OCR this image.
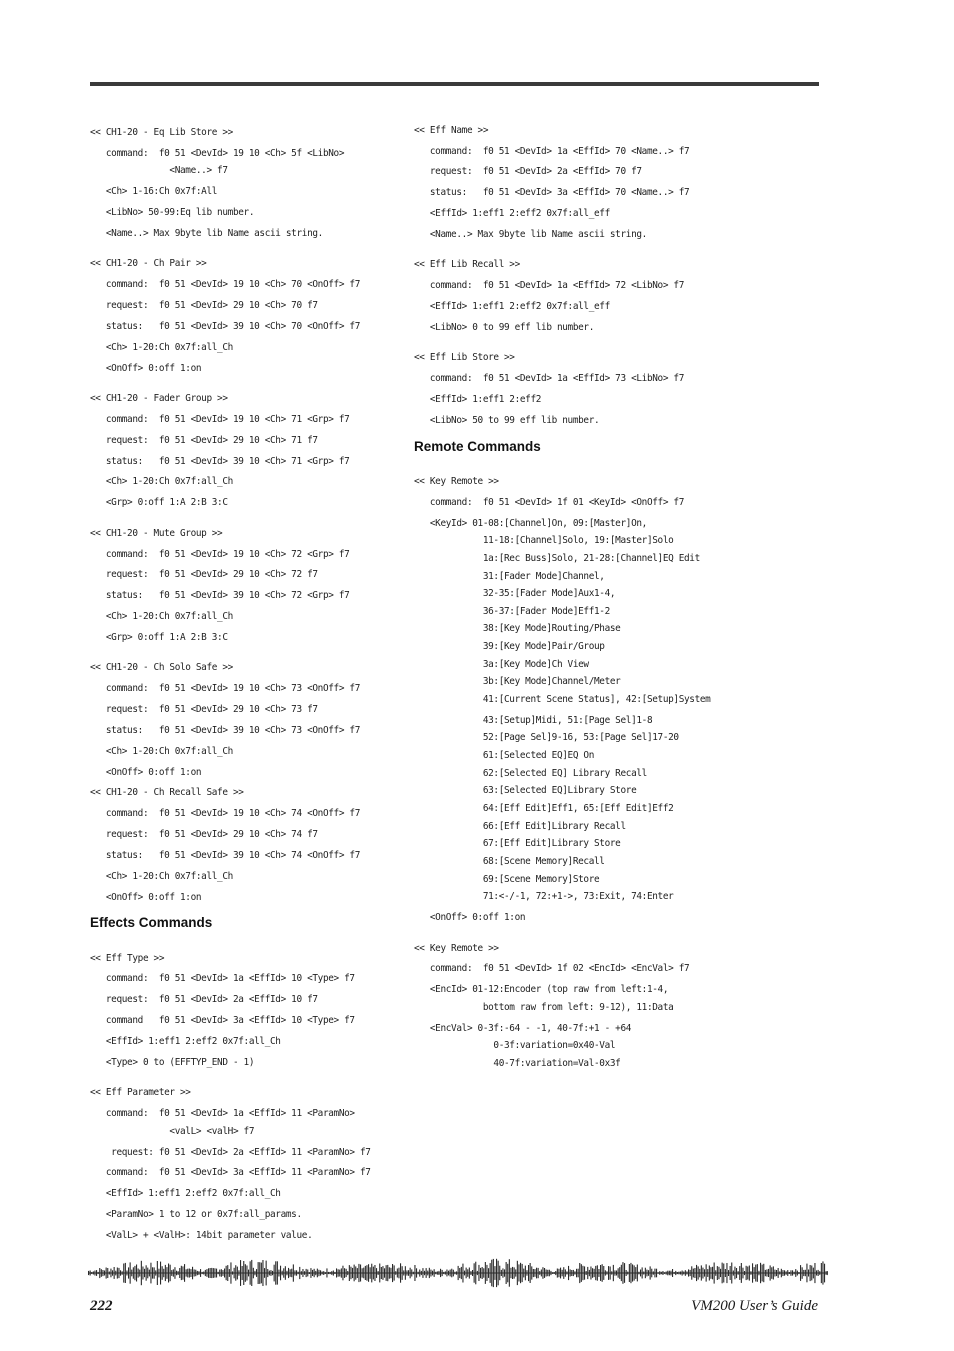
<< CH1-20 - Eq Lib Store >>
command:  f0 51 <DevId> 19 10 <Ch> 5f <LibNo>
<Name..> f7
<Ch> 1-16:Ch 0x7f:All
<LibNo> 50-99:Eq lib number.
<Name..> Max 9byte lib Name ascii string.
<< CH1-20 - Ch Pair >>
command:  f0 51 <DevId> 19 10 <Ch> 70 <OnOff> f7
request:  f0 51 <DevId> 29 10 <Ch> 70 f7
status:   f0 51 <DevId> 39 10 <Ch> 70 <OnOff> f7
<Ch> 1-20:Ch 0x7f:all_Ch
<OnOff> 0:off 1:on
<< CH1-20 - Fader Group >>
command:  f0 51 <DevId> 19 10 <Ch> 71 <Grp> f7
request:  f0 51 <DevId> 29 10 <Ch> 71 f7
status:   f0 51 <DevId> 39 10 <Ch> 71 <Grp> f7
<Ch> 1-20:Ch 0x7f:all_Ch
<Grp> 0:off 1:A 2:B 3:C
<< CH1-20 - Mute Group >>
command:  f0 51 <DevId> 19 10 <Ch> 72 <Grp> f7
request:  f0 51 <DevId> 29 10 <Ch> 72 f7
status:   f0 51 <DevId> 39 10 <Ch> 72 <Grp> f7
<Ch> 1-20:Ch 0x7f:all_Ch
<Grp> 0:off 1:A 2:B 3:C
<< CH1-20 - Ch Solo Safe >>
command:  f0 51 <DevId> 19 10 <Ch> 73 <OnOff> f7
request:  f0 51 <DevId> 29 10 <Ch> 73 f7
status:   f0 51 <DevId> 39 10 <Ch> 73 <OnOff> f7
<Ch> 1-20:Ch 0x7f:all_Ch
<OnOff> 0:off 1:on
<< CH1-20 - Ch Recall Safe >>
command:  f0 51 <DevId> 19 10 <Ch> 74 <OnOff> f7
request:  f0 51 <DevId> 29 10 <Ch> 74 f7
status:   f0 51 <DevId> 39 10 <Ch> 74 <OnOff> f7
<Ch> 1-20:Ch 0x7f:all_Ch
<OnOff> 0:off 1:on
Effects Commands
<< Eff Type >>
command:  f0 51 <DevId> 1a <EffId> 10 <Type> f7
request:  f0 51 <DevId> 2a <EffId> 10 f7
command   f0 51 <DevId> 3a <EffId> 10 <Type> f7
<EffId> 1:eff1 2:eff2 0x7f:all_Ch
<Type> 0 to (EFFTYP_END - 1)
<< Eff Parameter >>
command:  f0 51 <DevId> 1a <EffId> 11 <ParamNo>
<valL> <valH> f7
request: f0 51 <DevId> 2a <EffId> 11 <ParamNo> f7
command:  f0 51 <DevId> 3a <EffId> 11 <ParamNo> f7
<EffId> 1:eff1 2:eff2 0x7f:all_Ch
<ParamNo> 1 to 12 or 0x7f:all_params.
<ValL> + <ValH>: 14bit parameter value.
<< Eff Name >>
command:  f0 51 <DevId> 1a <EffId> 70 <Name..> f7
request:  f0 51 <DevId> 2a <EffId> 70 f7
status:   f0 51 <DevId> 3a <EffId> 70 <Name..> f7
<EffId> 1:eff1 2:eff2 0x7f:all_eff
<Name..> Max 9byte lib Name ascii string.
<< Eff Lib Recall >>
command:  f0 51 <DevId> 1a <EffId> 72 <LibNo> f7
<EffId> 1:eff1 2:eff2 0x7f:all_eff
<LibNo> 0 to 99 eff lib number.
<< Eff Lib Store >>
command:  f0 51 <DevId> 1a <EffId> 73 <LibNo> f7
<EffId> 1:eff1 2:eff2
<LibNo> 50 to 99 eff lib number.
Remote Commands
<< Key Remote >>
command:  f0 51 <DevId> 1f 01 <KeyId> <OnOff> f7
<KeyId> 01-08:[Channel]On, 09:[Master]On,
11-18:[Channel]Solo, 19:[Master]Solo
1a:[Rec Buss]Solo, 21-28:[Channel]EQ Edit
31:[Fader Mode]Channel,
32-35:[Fader Mode]Aux1-4,
36-37:[Fader Mode]Eff1-2
38:[Key Mode]Routing/Phase
39:[Key Mode]Pair/Group
3a:[Key Mode]Ch View
3b:[Key Mode]Channel/Meter
41:[Current Scene Status], 42:[Setup]System
43:[Setup]Midi, 51:[Page Sel]1-8
52:[Page Sel]9-16, 53:[Page Sel]17-20
61:[Selected EQ]EQ On
62:[Selected EQ] Library Recall
63:[Selected EQ]Library Store
64:[Eff Edit]Eff1, 65:[Eff Edit]Eff2
66:[Eff Edit]Library Recall
67:[Eff Edit]Library Store
68:[Scene Memory]Recall
69:[Scene Memory]Store
71:<-/-1, 72:+1->, 73:Exit, 74:Enter
<OnOff> 0:off 1:on
<< Key Remote >>
command:  f0 51 <DevId> 1f 02 <EncId> <EncVal> f7
<EncId> 01-12:Encoder (top raw from left:1-4,
bottom raw from left: 9-12), 11:Data
<EncVal> 0-3f:-64 - -1, 40-7f:+1 - +64
0-3f:variation=0x40-Val
40-7f:variation=Val-0x3f
222	VM200 User’s Guide
